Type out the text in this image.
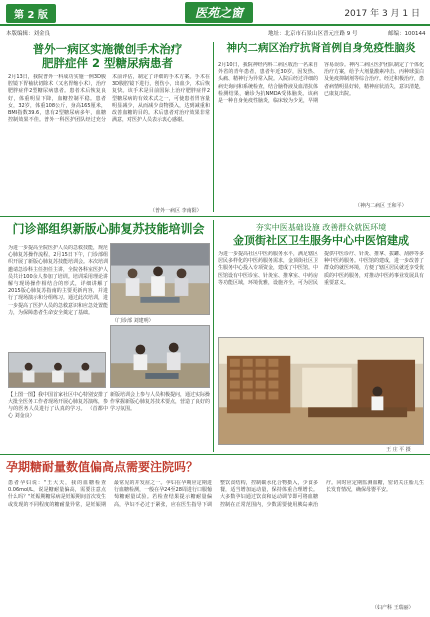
第 2 版	医苑之窗	2017 年 3 月 1 日
本版编辑：刘金良	地址：北京市石景山区晋元庄路 9 号	邮编：100144
普外一病区实施微创手术治疗
肥胖症伴 2 型糖尿病患者
2月13日，我院普外一科成功实施一例3D腹腔镜下胃袖状切除术（又名胃缩小术），治疗肥胖症伴2型糖尿病患者。患者术后恢复良好，体重明显下降，血糖控制平稳。患者女，32岁，体重108公斤，身高165厘米，BMI指数39.6，患有2型糖尿病多年，血糖控制效果不佳。普外一科医护团队经过充分术前评估，制定了详细的手术方案。手术在3D腹腔镜下进行，创伤小，出血少，术后恢复快。该手术是目前国际上治疗肥胖症伴2型糖尿病的有效术式之一，可使患者胃容量明显减少，从而减少食物摄入，达到减重和改善血糖的目的。术后患者对治疗效果非常满意，对医护人员表示衷心感谢。
（普外一病区 李南阳）
神内二病区治疗抗肾首例自身免疫性脑炎
2月10日，我院神经内科二病区收治一名来自外省的青年患者，患者年近30岁，因发热、头痛、精神行为异常入院。入院后经过详细的病史询问和系统检查，结合脑脊液及血清抗体检测结果，确诊为抗NMDA受体脑炎。该病是一种自身免疫性脑炎，临床较为少见，早期容易误诊。神内二病区医护团队制定了个体化治疗方案，给予大剂量激素冲击、丙种球蛋白及免疫抑制剂等综合治疗。经过积极治疗，患者病情明显好转，精神症状消失，意识清楚，已康复出院。
（神内二病区 王和平）
门诊部组织新版心肺复苏技能培训会
为进一步提高全院医护人员的急救技能，规范心肺复苏操作流程，2月15日下午，门诊部组织开展了新版心肺复苏技能培训会。本次培训邀请急诊科主任担任主讲，全院各科室医护人员共计100余人参加了培训。培训采用理论讲解与现场操作相结合的形式，详细讲解了2015版心肺复苏指南的主要更新内容，并进行了现场演示和分组练习。通过此次培训，进一步提高了医护人员的急救意识和应急处置能力，为保障患者生命安全奠定了基础。
（门诊部 刘建明）
【上图一图】我中国首家社区中心特别安排了大批全医务工作者现场开展心肺复苏演练，参与的医务人员进行了认真的学习。 （首都中心 刘金良）
新版培训会上参与人员积极提问，通过实际操作掌握新版心肺复苏技术要点，营造了良好的学习氛围。
夯实中医基础设施 改善群众就医环境
金顶街社区卫生服务中心中医馆建成
为进一步提高社区中医药服务水平，满足辖区居民多样化的中医药服务需求，金顶街社区卫生服务中心投入专项资金，建成了中医馆。中医馆设有中医诊室、针灸室、推拿室、中药房等功能区域，环境优雅，设施齐全，可为居民提供中医诊疗、针灸、推拿、拔罐、刮痧等多种中医药服务。中医馆的建成，进一步改善了群众的就医环境，方便了辖区居民就近享受优质的中医药服务，对推动中医药事业发展具有重要意义。
王 庄 平 摄
孕期糖耐量数值偏高点需要注院吗？
患者孕妇说："王大夫，我的血糖检查0.06mol/L，说是糖耐量偏高，需要注意点什么吗？"妊娠期糖尿病是妊娠期间首次发生或发现的不同程度的糖耐量异常，是妊娠期最常见的并发症之一。孕妇在孕期应定期进行血糖检测，一般在孕24至28周进行口服葡萄糖耐量试验。若检查结果提示糖耐量偏高，孕妇不必过于紧张，应在医生指导下调整饮食结构，控制碳水化合物摄入，少食多餐，适当增加运动量，保持体重合理增长。大多数孕妇通过饮食和运动调节即可将血糖控制在正常范围内，少数需要使用胰岛素治疗。同时应定期监测血糖，密切关注胎儿生长发育情况，确保母婴平安。
（妇产科 王瑞丽）
